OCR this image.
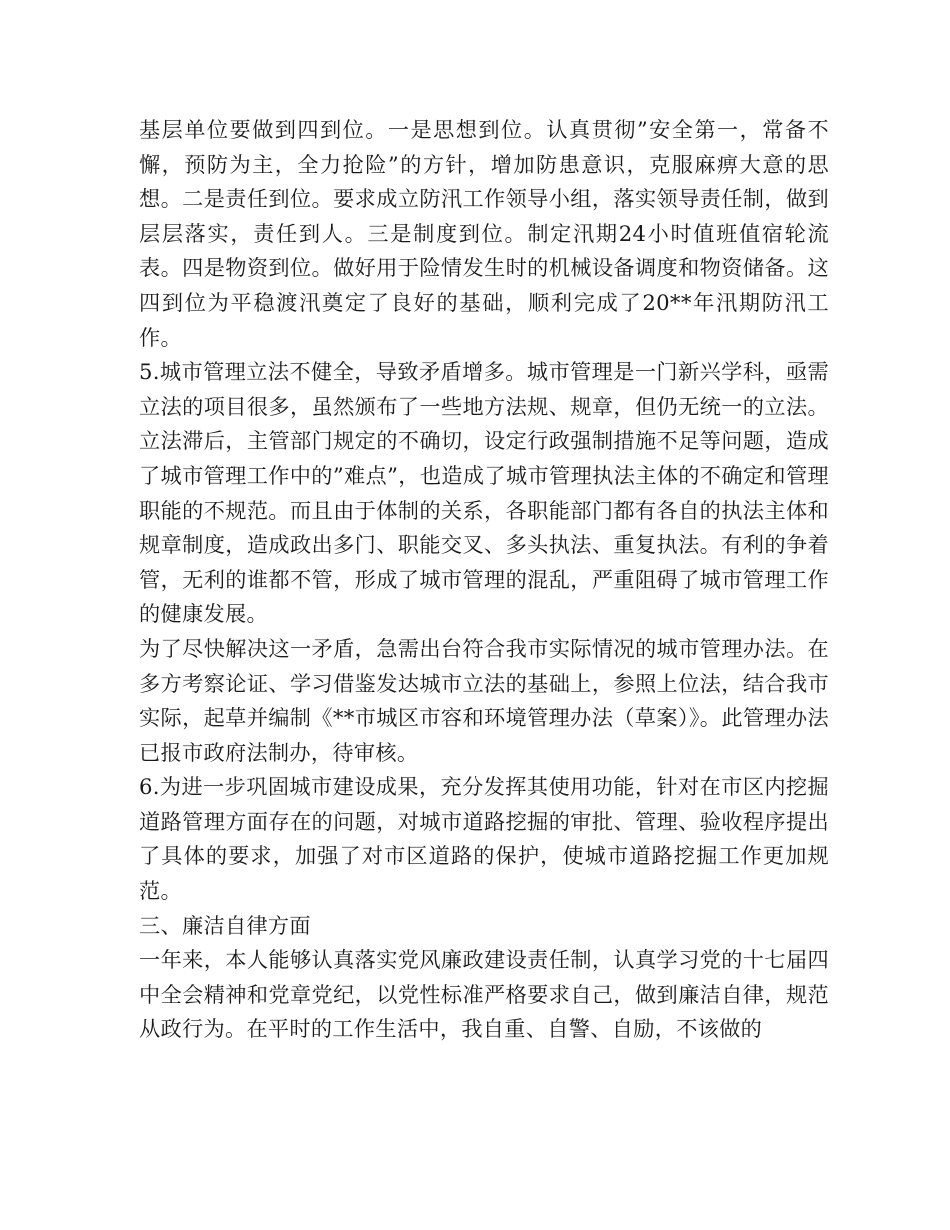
基层单位要做到四到位。一是思想到位。认真贯彻”安全第一，常备不懈，预防为主，全力抢险”的方针，增加防患意识，克服麻痹大意的思想。二是责任到位。要求成立防汛工作领导小组，落实领导责任制，做到层层落实，责任到人。三是制度到位。制定汛期24小时值班值宿轮流表。四是物资到位。做好用于险情发生时的机械设备调度和物资储备。这四到位为平稳渡汛奠定了良好的基础，顺利完成了20**年汛期防汛工作。

5.城市管理立法不健全，导致矛盾增多。城市管理是一门新兴学科，亟需立法的项目很多，虽然颁布了一些地方法规、规章，但仍无统一的立法。立法滞后，主管部门规定的不确切，设定行政强制措施不足等问题，造成了城市管理工作中的”难点”，也造成了城市管理执法主体的不确定和管理职能的不规范。而且由于体制的关系，各职能部门都有各自的执法主体和规章制度，造成政出多门、职能交叉、多头执法、重复执法。有利的争着管，无利的谁都不管，形成了城市管理的混乱，严重阻碍了城市管理工作的健康发展。

为了尽快解决这一矛盾，急需出台符合我市实际情况的城市管理办法。在多方考察论证、学习借鉴发达城市立法的基础上，参照上位法，结合我市实际，起草并编制《**市城区市容和环境管理办法（草案）》。此管理办法已报市政府法制办，待审核。

6.为进一步巩固城市建设成果，充分发挥其使用功能，针对在市区内挖掘道路管理方面存在的问题，对城市道路挖掘的审批、管理、验收程序提出了具体的要求，加强了对市区道路的保护，使城市道路挖掘工作更加规范。

三、廉洁自律方面

一年来，本人能够认真落实党风廉政建设责任制，认真学习党的十七届四中全会精神和党章党纪，以党性标准严格要求自己，做到廉洁自律，规范从政行为。在平时的工作生活中，我自重、自警、自励，不该做的
